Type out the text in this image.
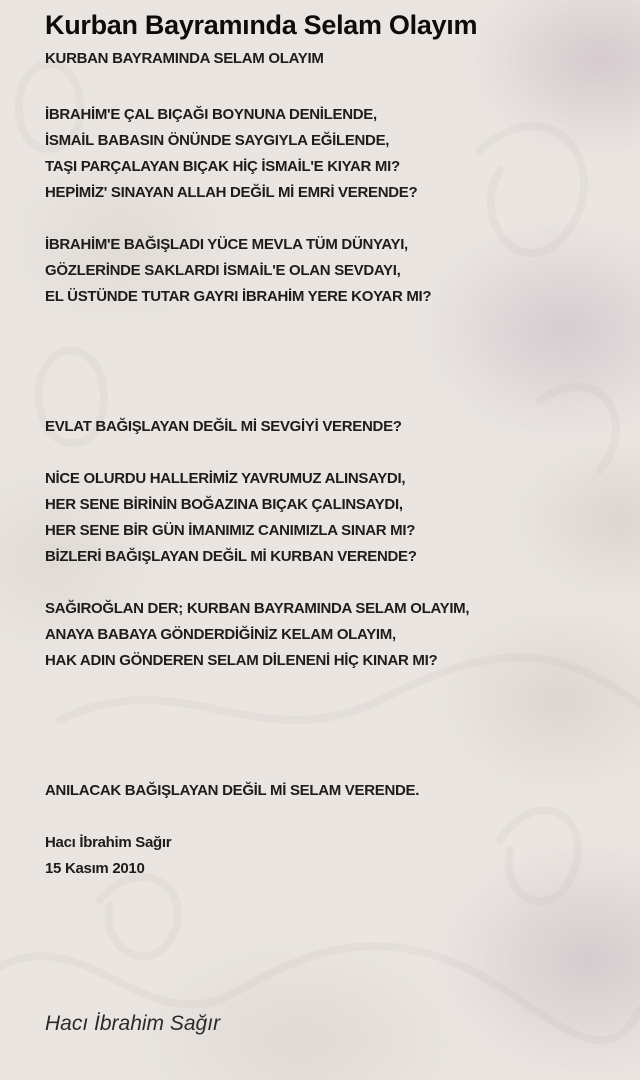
Kurban Bayramında Selam Olayım
KURBAN BAYRAMINDA SELAM OLAYIM
İBRAHİM'E ÇAL BIÇAĞI BOYNUNA DENİLENDE,
İSMAİL BABASIN ÖNÜNDE SAYGIYLA EĞİLENDE,
TAŞI PARÇALAYAN BIÇAK HİÇ İSMAİL'E KIYAR MI?
HEPİMİZ' SINAYAN ALLAH DEĞİL Mİ EMRİ VERENDE?

İBRAHİM'E BAĞIŞLADI YÜCE MEVLA TÜM DÜNYAYI,
GÖZLERİNDE SAKLARDI İSMAİL'E OLAN SEVDAYI,
EL ÜSTÜNDE TUTAR GAYRI İBRAHİM YERE KOYAR MI?

EVLAT BAĞIŞLAYAN DEĞİL Mİ SEVGİYİ VERENDE?

NİCE OLURDU HALLERİMİZ YAVRUMUZ ALINSAYDI,
HER SENE BİRİNİN BOĞAZINA BIÇAK ÇALINSAYDI,
HER SENE BİR GÜN İMANIMIZ CANIMIZLA SINAR MI?
BİZLERİ BAĞIŞLAYAN DEĞİL Mİ KURBAN VERENDE?

SAĞIROĞLAN DER; KURBAN BAYRAMINDA SELAM OLAYIM,
ANAYA BABAYA GÖNDERDİĞİNİZ KELAM OLAYIM,
HAK ADIN GÖNDEREN SELAM DİLENENİ HİÇ KINAR MI?

ANILACAK BAĞIŞLAYAN DEĞİL Mİ SELAM VERENDE.
Hacı İbrahim Sağır
15 Kasım 2010
Hacı İbrahim Sağır
